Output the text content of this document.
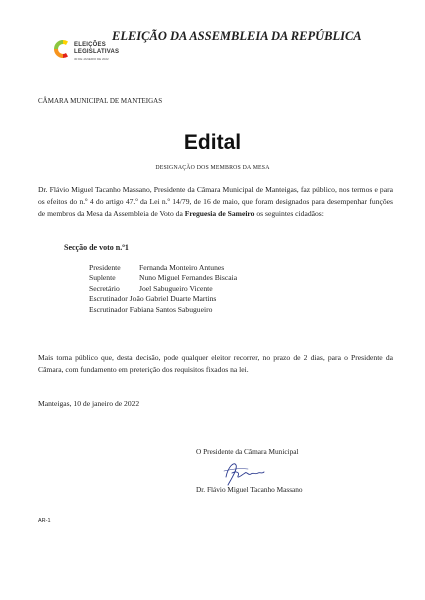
ELEIÇÕES
LEGISLATIVAS
30 DE JANEIRO DE 2022
ELEIÇÃO DA ASSEMBLEIA DA REPÚBLICA
CÂMARA MUNICIPAL DE MANTEIGAS
Edital
DESIGNAÇÃO DOS MEMBROS DA MESA
Dr. Flávio Miguel Tacanho Massano, Presidente da Câmara Municipal de Manteigas, faz público, nos termos e para os efeitos do n.º 4 do artigo 47.º da Lei n.º 14/79, de 16 de maio, que foram designados para desempenhar funções de membros da Mesa da Assembleia de Voto da Freguesia de Sameiro os seguintes cidadãos:
Secção de voto n.º1
Presidente Fernanda Monteiro Antunes
Suplente	Nuno Miguel Fernandes Biscaia
Secretário	Joel Sabugueiro Vicente
Escrutinador João Gabriel Duarte Martins
Escrutinador Fabiana Santos Sabugueiro
Mais torna público que, desta decisão, pode qualquer eleitor recorrer, no prazo de 2 dias, para o Presidente da Câmara, com fundamento em preterição dos requisitos fixados na lei.
Manteigas, 10 de janeiro de 2022
O Presidente da Câmara Municipal
Dr. Flávio Miguel Tacanho Massano
AR-1
